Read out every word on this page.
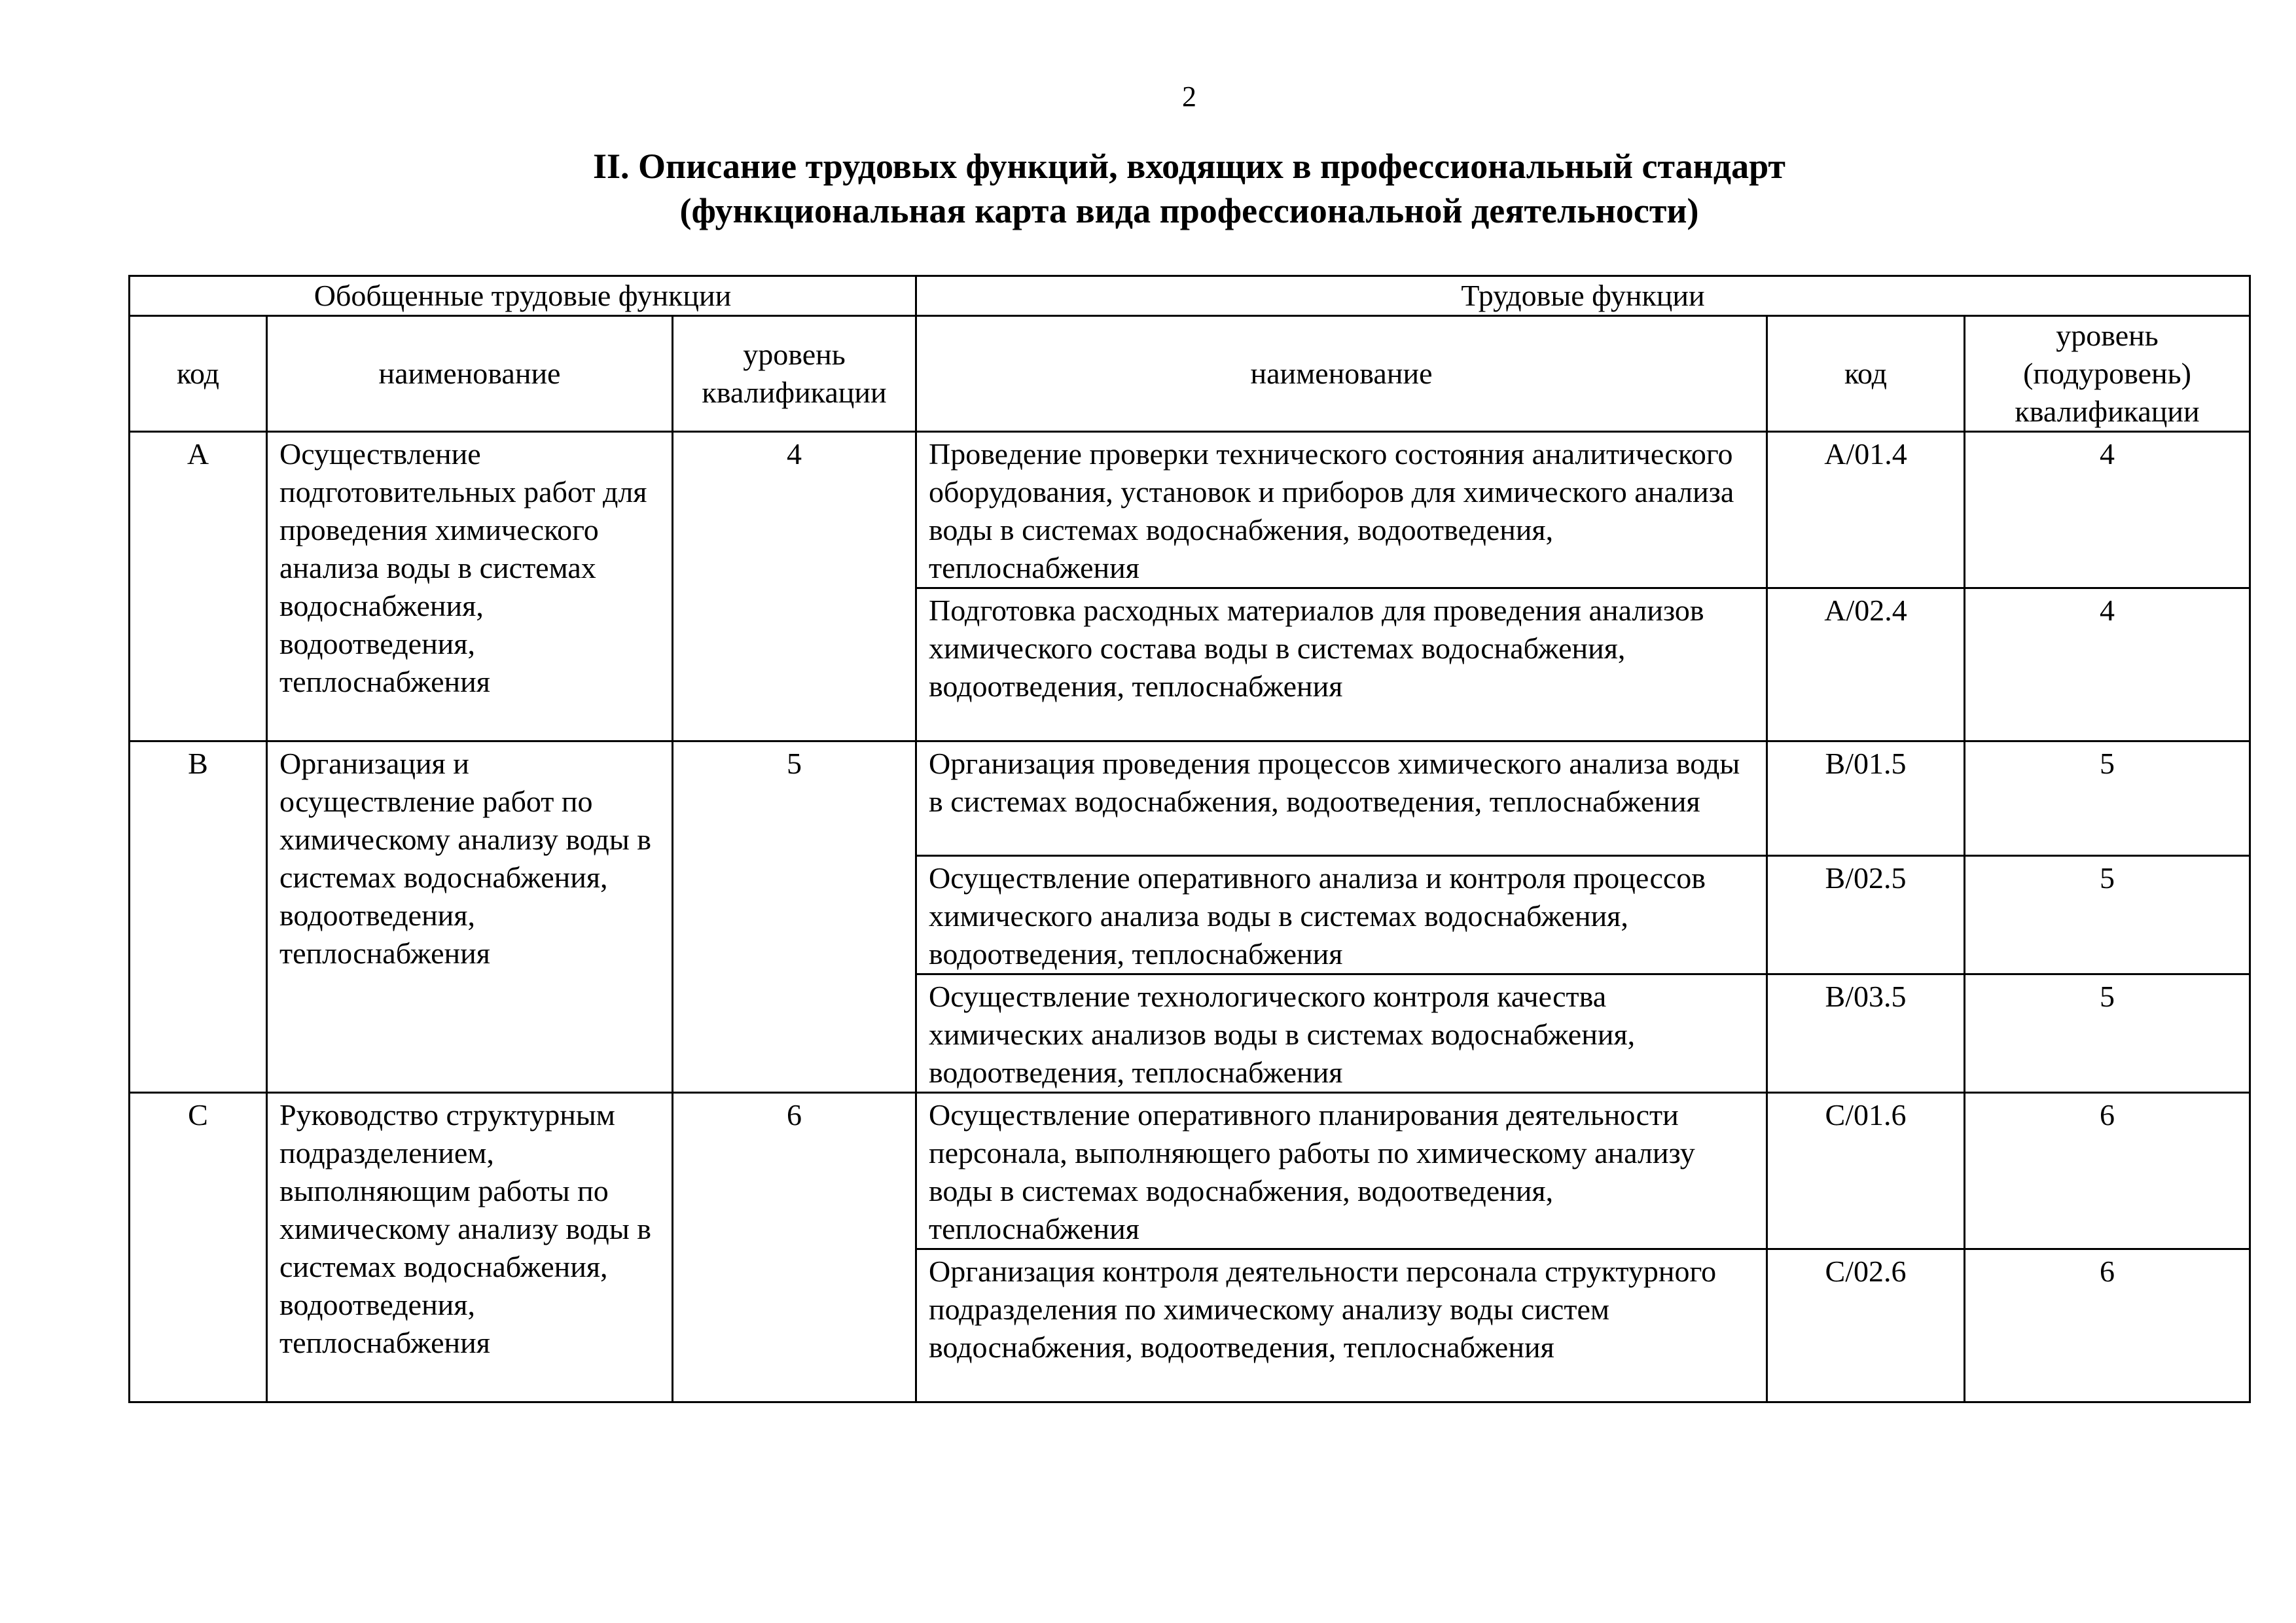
2
II. Описание трудовых функций, входящих в профессиональный стандарт
(функциональная карта вида профессиональной деятельности)
Обобщенные трудовые функции			Трудовые функции		
код	наименование	уровень квалификации	наименование	код	уровень (подуровень) квалификации
A	Осуществление подготовительных работ для проведения химического анализа воды в системах водоснабжения, водоотведения, теплоснабжения	4	Проведение проверки технического состояния аналитического оборудования, установок и приборов для химического анализа воды в системах водоснабжения, водоотведения, теплоснабжения	A/01.4	4
			Подготовка расходных материалов для проведения анализов химического состава воды в системах водоснабжения, водоотведения, теплоснабжения	A/02.4	4
B	Организация и осуществление работ по химическому анализу воды в системах водоснабжения, водоотведения, теплоснабжения	5	Организация проведения процессов химического анализа воды в системах водоснабжения, водоотведения, теплоснабжения	B/01.5	5
			Осуществление оперативного анализа и контроля процессов химического анализа воды в системах водоснабжения, водоотведения, теплоснабжения	B/02.5	5
			Осуществление технологического контроля качества химических анализов воды в системах водоснабжения, водоотведения, теплоснабжения	B/03.5	5
C	Руководство структурным подразделением, выполняющим работы по химическому анализу воды в системах водоснабжения, водоотведения, теплоснабжения	6	Осуществление оперативного планирования деятельности персонала, выполняющего работы по химическому анализу воды в системах водоснабжения, водоотведения, теплоснабжения	C/01.6	6
			Организация контроля деятельности персонала структурного подразделения по химическому анализу воды систем водоснабжения, водоотведения, теплоснабжения	C/02.6	6
